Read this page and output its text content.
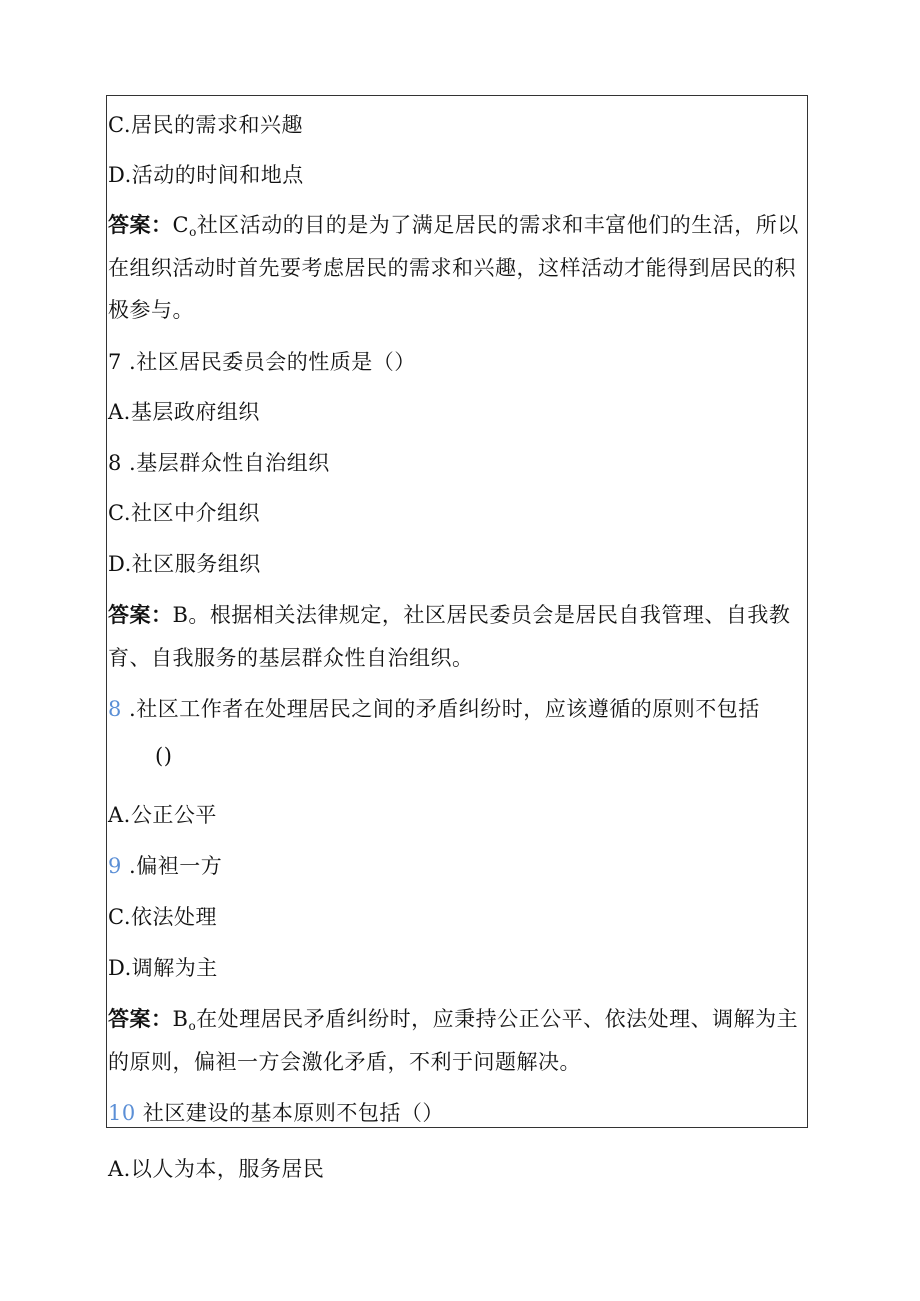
C.居民的需求和兴趣
D.活动的时间和地点
答案：$C_o$社区活动的目的是为了满足居民的需求和丰富他们的生活，所以
在组织活动时首先要考虑居民的需求和兴趣，这样活动才能得到居民的积
极参与。
7 .社区居民委员会的性质是（）
A.基层政府组织
8 .基层群众性自治组织
C.社区中介组织
D.社区服务组织
答案：B。根据相关法律规定，社区居民委员会是居民自我管理、自我教
育、自我服务的基层群众性自治组织。
8 .社区工作者在处理居民之间的矛盾纠纷时，应该遵循的原则不包括
()
A.公正公平
9 .偏袒一方
C.依法处理
D.调解为主
答案：$B_o$在处理居民矛盾纠纷时，应秉持公正公平、依法处理、调解为主
的原则，偏袒一方会激化矛盾，不利于问题解决。
10 社区建设的基本原则不包括（）
A.以人为本，服务居民
